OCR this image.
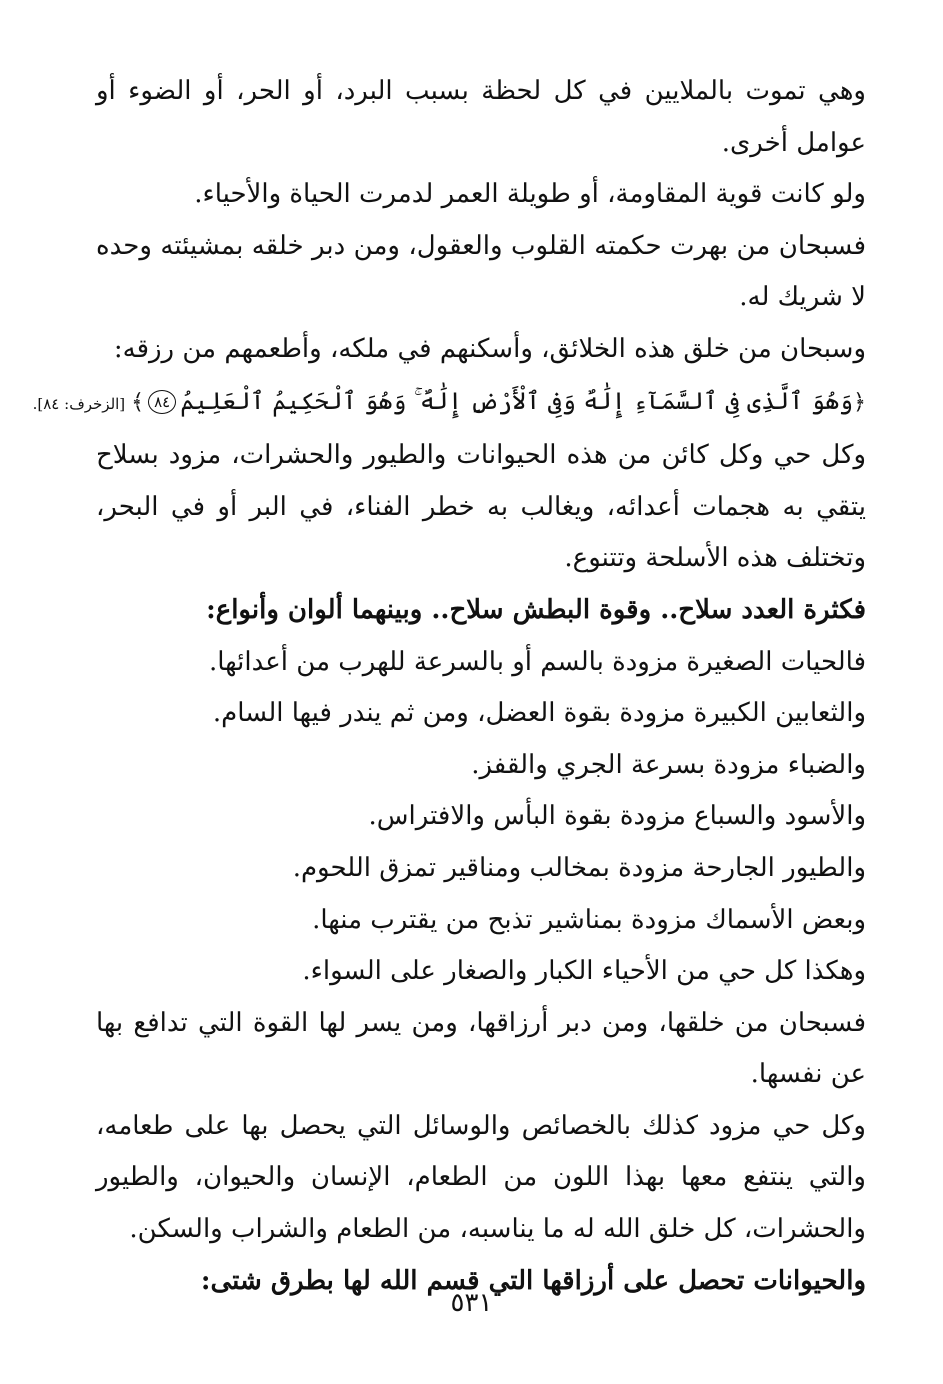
وهي تموت بالملايين في كل لحظة بسبب البرد، أو الحر، أو الضوء أو عوامل أخرى.

ولو كانت قوية المقاومة، أو طويلة العمر لدمرت الحياة والأحياء.

فسبحان من بهرت حكمته القلوب والعقول، ومن دبر خلقه بمشيئته وحده لا شريك له.

وسبحان من خلق هذه الخلائق، وأسكنهم في ملكه، وأطعمهم من رزقه:

﴿وَهُوَ ٱلَّذِى فِى ٱلسَّمَآءِ إِلَٰهٌ وَفِى ٱلْأَرْضِ إِلَٰهٌ ۚ وَهُوَ ٱلْحَكِيمُ ٱلْعَلِيمُ٨٤﴾[الزخرف: ٨٤].

وكل حي وكل كائن من هذه الحيوانات والطيور والحشرات، مزود بسلاح يتقي به هجمات أعدائه، ويغالب به خطر الفناء، في البر أو في البحر، وتختلف هذه الأسلحة وتتنوع.

فكثرة العدد سلاح.. وقوة البطش سلاح.. وبينهما ألوان وأنواع:

فالحيات الصغيرة مزودة بالسم أو بالسرعة للهرب من أعدائها.

والثعابين الكبيرة مزودة بقوة العضل، ومن ثم يندر فيها السام.

والضباء مزودة بسرعة الجري والقفز.

والأسود والسباع مزودة بقوة البأس والافتراس.

والطيور الجارحة مزودة بمخالب ومناقير تمزق اللحوم.

وبعض الأسماك مزودة بمناشير تذبح من يقترب منها.

وهكذا كل حي من الأحياء الكبار والصغار على السواء.

فسبحان من خلقها، ومن دبر أرزاقها، ومن يسر لها القوة التي تدافع بها عن نفسها.

وكل حي مزود كذلك بالخصائص والوسائل التي يحصل بها على طعامه، والتي ينتفع معها بهذا اللون من الطعام، الإنسان والحيوان، والطيور والحشرات، كل خلق الله له ما يناسبه، من الطعام والشراب والسكن.

والحيوانات تحصل على أرزاقها التي قسم الله لها بطرق شتى:

٥٣١
